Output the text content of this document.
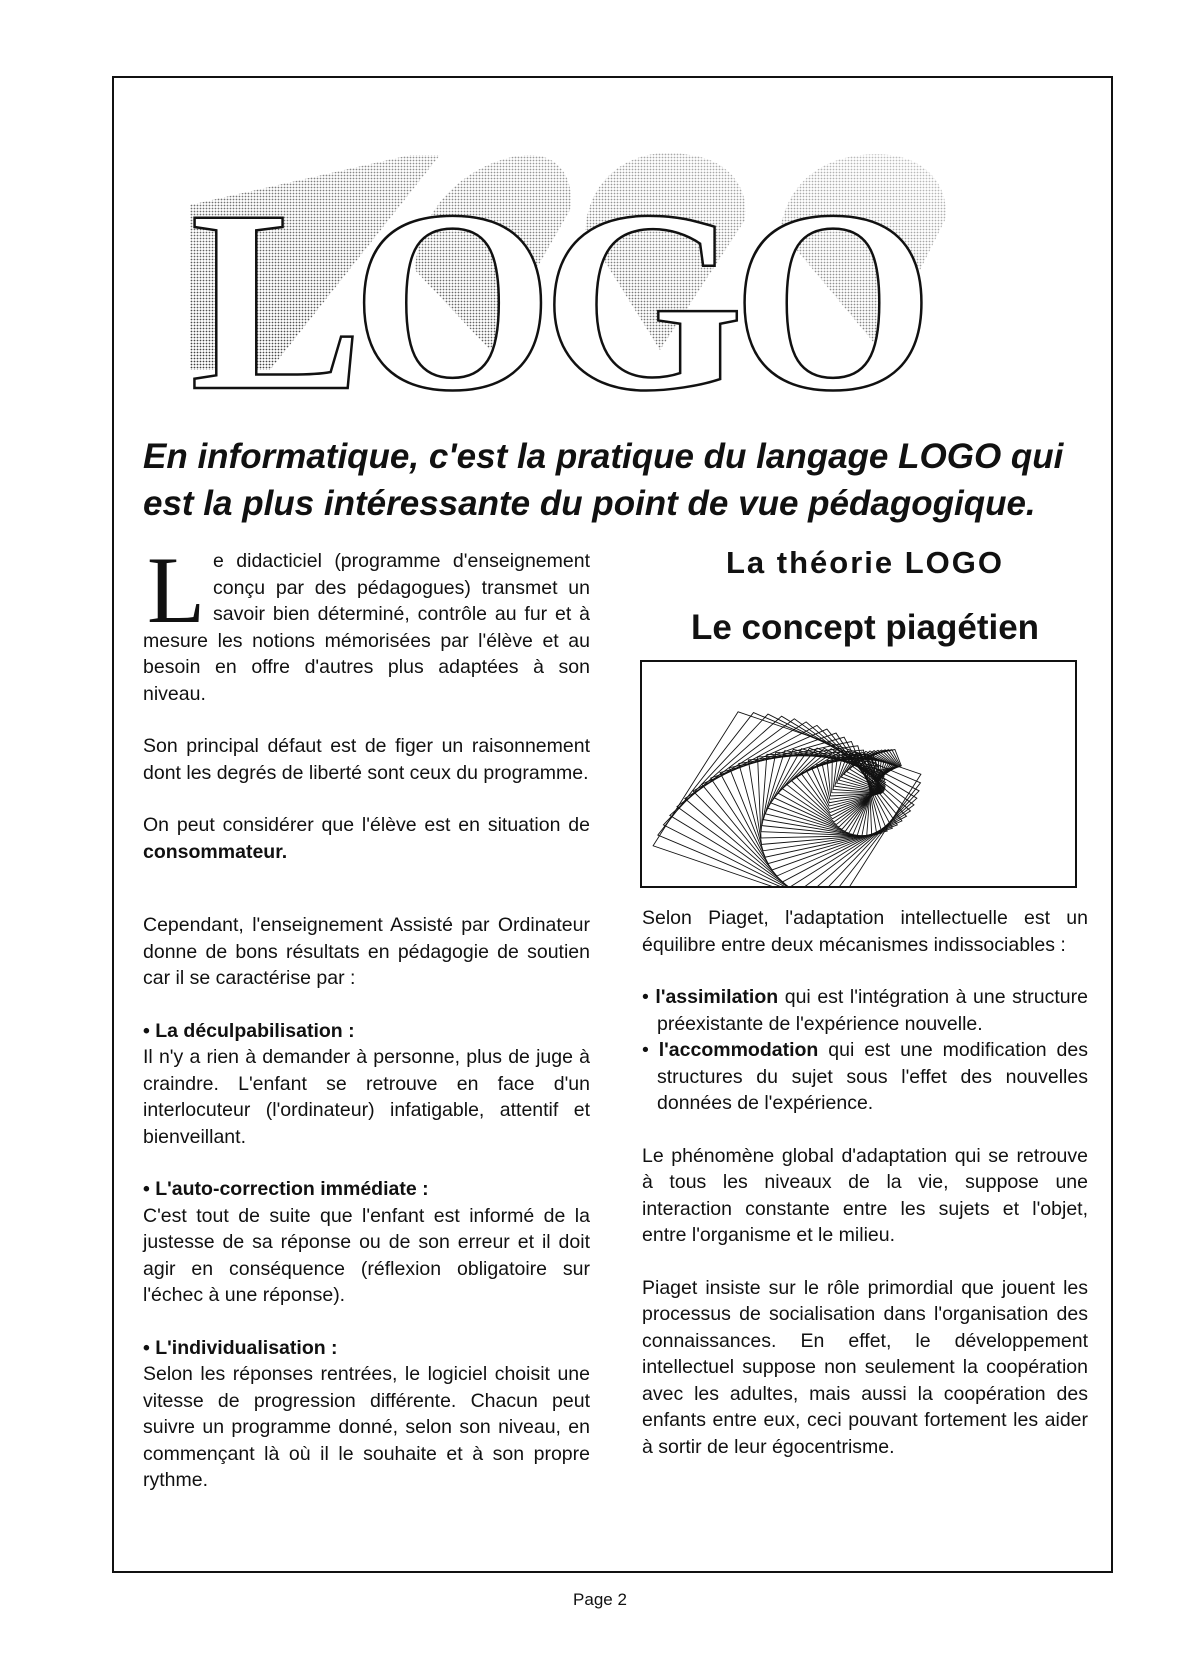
LOGO
En informatique, c'est la pratique du langage LOGO qui est la plus intéressante du point de vue pédagogique.

Le didacticiel (programme d'enseignement conçu par des pédagogues) transmet un savoir bien déterminé, contrôle au fur et à mesure les notions mémorisées par l'élève et au besoin en offre d'autres plus adaptées à son niveau.

Son principal défaut est de figer un raisonnement dont les degrés de liberté sont ceux du programme.

On peut considérer que l'élève est en situation de consommateur.

Cependant, l'enseignement Assisté par Ordinateur donne de bons résultats en pédagogie de soutien car il se caractérise par :

• La déculpabilisation :

Il n'y a rien à demander à personne, plus de juge à craindre. L'enfant se retrouve en face d'un interlocuteur (l'ordinateur) infatigable, attentif et bienveillant.

• L'auto-correction immédiate :

C'est tout de suite que l'enfant est informé de la justesse de sa réponse ou de son erreur et il doit agir en conséquence (réflexion obligatoire sur l'échec à une réponse).

• L'individualisation :

Selon les réponses rentrées, le logiciel choisit une vitesse de progression différente. Chacun peut suivre un programme donné, selon son niveau, en commençant là où il le souhaite et à son propre rythme.

La théorie LOGO
Le concept piagétien

Selon Piaget, l'adaptation intellectuelle est un équilibre entre deux mécanismes indissociables :

• l'assimilation qui est l'intégration à une structure préexistante de l'expérience nouvelle.
• l'accommodation qui est une modification des structures du sujet sous l'effet des nouvelles données de l'expérience.

Le phénomène global d'adaptation qui se retrouve à tous les niveaux de la vie, suppose une interaction constante entre les sujets et l'objet, entre l'organisme et le milieu.

Piaget insiste sur le rôle primordial que jouent les processus de socialisation dans l'organisation des connaissances. En effet, le développement intellectuel suppose non seulement la coopération avec les adultes, mais aussi la coopération des enfants entre eux, ceci pouvant fortement les aider à sortir de leur égocentrisme.

Page 2
